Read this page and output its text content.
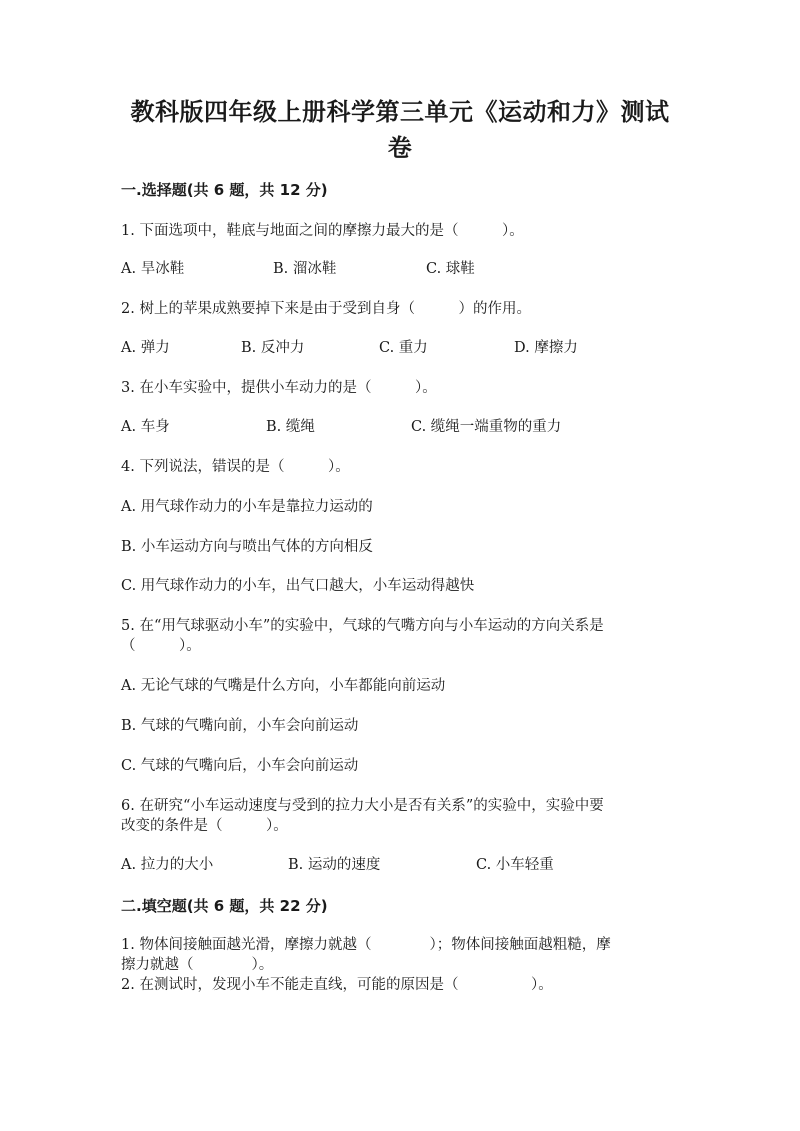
教科版四年级上册科学第三单元《运动和力》测试
卷
一.选择题(共 6 题，共 12 分)
1. 下面选项中，鞋底与地面之间的摩擦力最大的是（　　　）。
A. 旱冰鞋	B. 溜冰鞋	C. 球鞋
2. 树上的苹果成熟要掉下来是由于受到自身（　　　）的作用。
A. 弹力	B. 反冲力	C. 重力	D. 摩擦力
3. 在小车实验中，提供小车动力的是（　　　）。
A. 车身	B. 缆绳	C. 缆绳一端重物的重力
4. 下列说法，错误的是（　　　）。
A. 用气球作动力的小车是靠拉力运动的
B. 小车运动方向与喷出气体的方向相反
C. 用气球作动力的小车，出气口越大，小车运动得越快
5. 在“用气球驱动小车”的实验中，气球的气嘴方向与小车运动的方向关系是
（　　　）。
A. 无论气球的气嘴是什么方向，小车都能向前运动
B. 气球的气嘴向前，小车会向前运动
C. 气球的气嘴向后，小车会向前运动
6. 在研究“小车运动速度与受到的拉力大小是否有关系”的实验中，实验中要
改变的条件是（　　　）。
A. 拉力的大小	B. 运动的速度	C. 小车轻重
二.填空题(共 6 题，共 22 分)
1. 物体间接触面越光滑，摩擦力就越（　　　　）；物体间接触面越粗糙，摩
擦力就越（　　　　）。
2. 在测试时，发现小车不能走直线，可能的原因是（　　　　　）。
